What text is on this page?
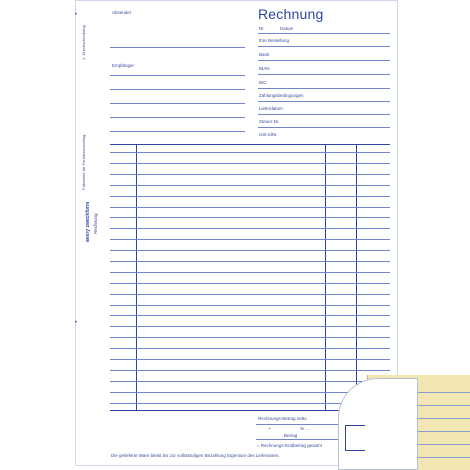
1. Durchschreibung
Faltmarke für Fensterumschlag
avery zweckform Rechnung
•
•	Absender
Empfänger
Rechnung
Nr.	Datum
Ihre Bestellung
Bank
IBAN
BIC
Zahlungsbedingungen
Lieferdatum
Steuer-Nr.
USt-IdNr.
Rechnungs-Betrag netto
+	% ...
Betrag
= Rechnungs-Endbetrag gesamt
Die gelieferte Ware bleibt bis zur vollständigen Bezahlung Eigentum des Lieferanten.
